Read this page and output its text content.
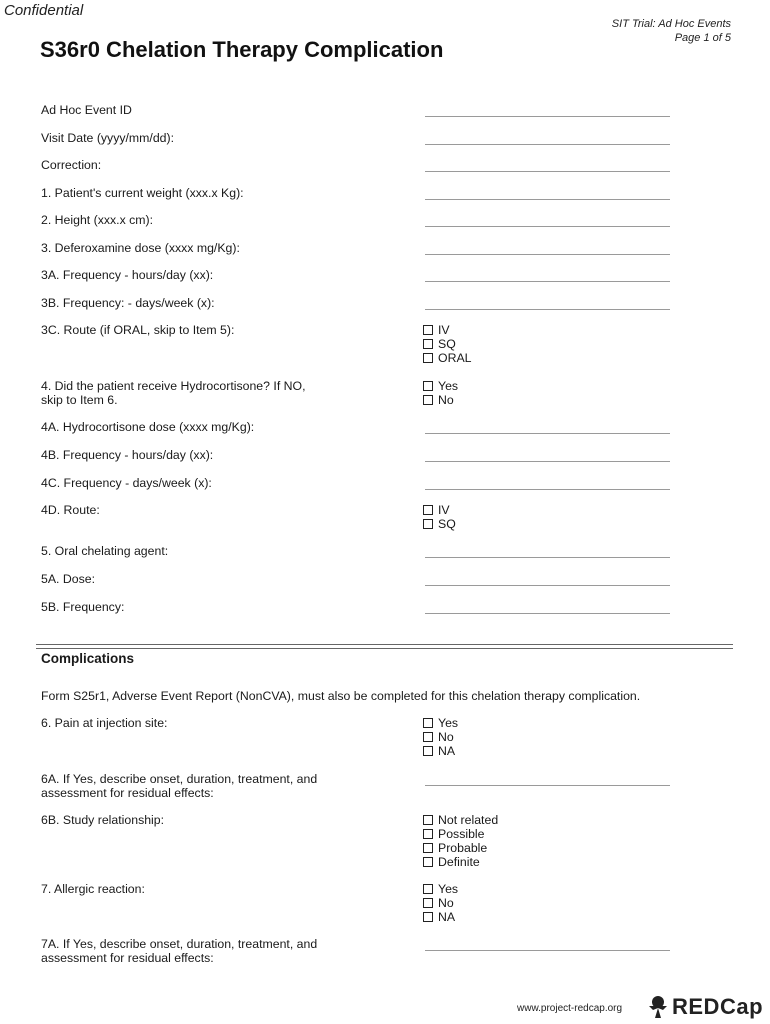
Confidential
SIT Trial: Ad Hoc Events
Page 1 of 5
S36r0 Chelation Therapy Complication
Ad Hoc Event ID
Visit Date (yyyy/mm/dd):
Correction:
1. Patient's current weight (xxx.x Kg):
2. Height (xxx.x cm):
3. Deferoxamine dose (xxxx mg/Kg):
3A. Frequency - hours/day (xx):
3B. Frequency: - days/week (x):
3C. Route (if ORAL, skip to Item 5):	IV
SQ
ORAL
4. Did the patient receive Hydrocortisone? If NO,
skip to Item 6.
Yes
No
4A. Hydrocortisone dose (xxxx mg/Kg):
4B. Frequency - hours/day (xx):
4C. Frequency - days/week (x):
4D. Route:	IV
SQ
5. Oral chelating agent:
5A. Dose:
5B. Frequency:
Complications
Form S25r1, Adverse Event Report (NonCVA), must also be completed for this chelation therapy complication.
6. Pain at injection site:	Yes
No
NA
6A. If Yes, describe onset, duration, treatment, and
assessment for residual effects:
6B. Study relationship:	Not related
Possible
Probable
Definite
7. Allergic reaction:	Yes
No
NA
7A. If Yes, describe onset, duration, treatment, and
assessment for residual effects:
www.project-redcap.org REDCap
